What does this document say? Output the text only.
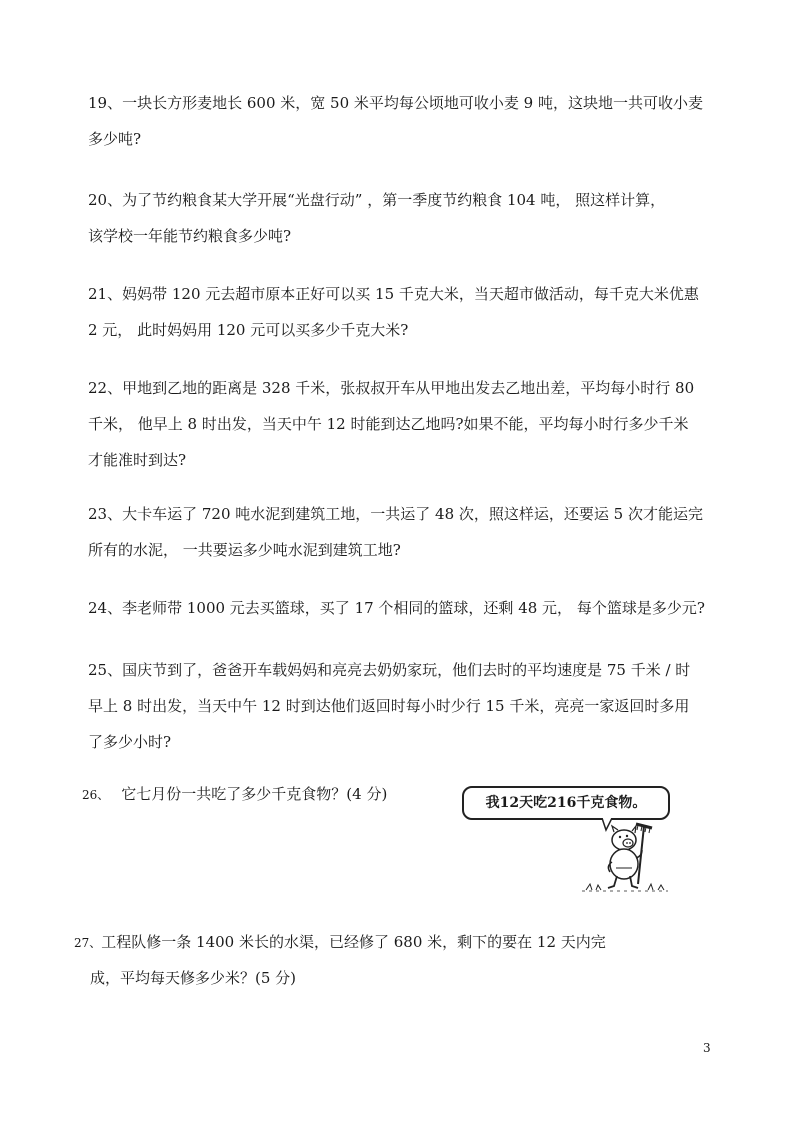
19、一块长方形麦地长 600 米，宽 50 米平均每公顷地可收小麦 9 吨，这块地一共可收小麦

多少吨?

20、为了节约粮食某大学开展“光盘行动” ，第一季度节约粮食 104 吨， 照这样计算，

该学校一年能节约粮食多少吨?

21、妈妈带 120 元去超市原本正好可以买 15 千克大米，当天超市做活动，每千克大米优惠

2 元， 此时妈妈用 120 元可以买多少千克大米?

22、甲地到乙地的距离是 328 千米，张叔叔开车从甲地出发去乙地出差，平均每小时行 80

千米， 他早上 8 时出发，当天中午 12 时能到达乙地吗?如果不能，平均每小时行多少千米

才能准时到达?

23、大卡车运了 720 吨水泥到建筑工地，一共运了 48 次，照这样运，还要运 5 次才能运完

所有的水泥， 一共要运多少吨水泥到建筑工地?

24、李老师带 1000 元去买篮球，买了 17 个相同的篮球，还剩 48 元， 每个篮球是多少元?

25、国庆节到了，爸爸开车载妈妈和亮亮去奶奶家玩，他们去时的平均速度是 75 千米 / 时

早上 8 时出发，当天中午 12 时到达他们返回时每小时少行 15 千米，亮亮一家返回时多用

了多少小时?

26、 它七月份一共吃了多少千克食物？(4 分)	我12天吃216千克食物。

27、工程队修一条 1400 米长的水渠，已经修了 680 米，剩下的要在 12 天内完

成，平均每天修多少米？(5 分)

3
